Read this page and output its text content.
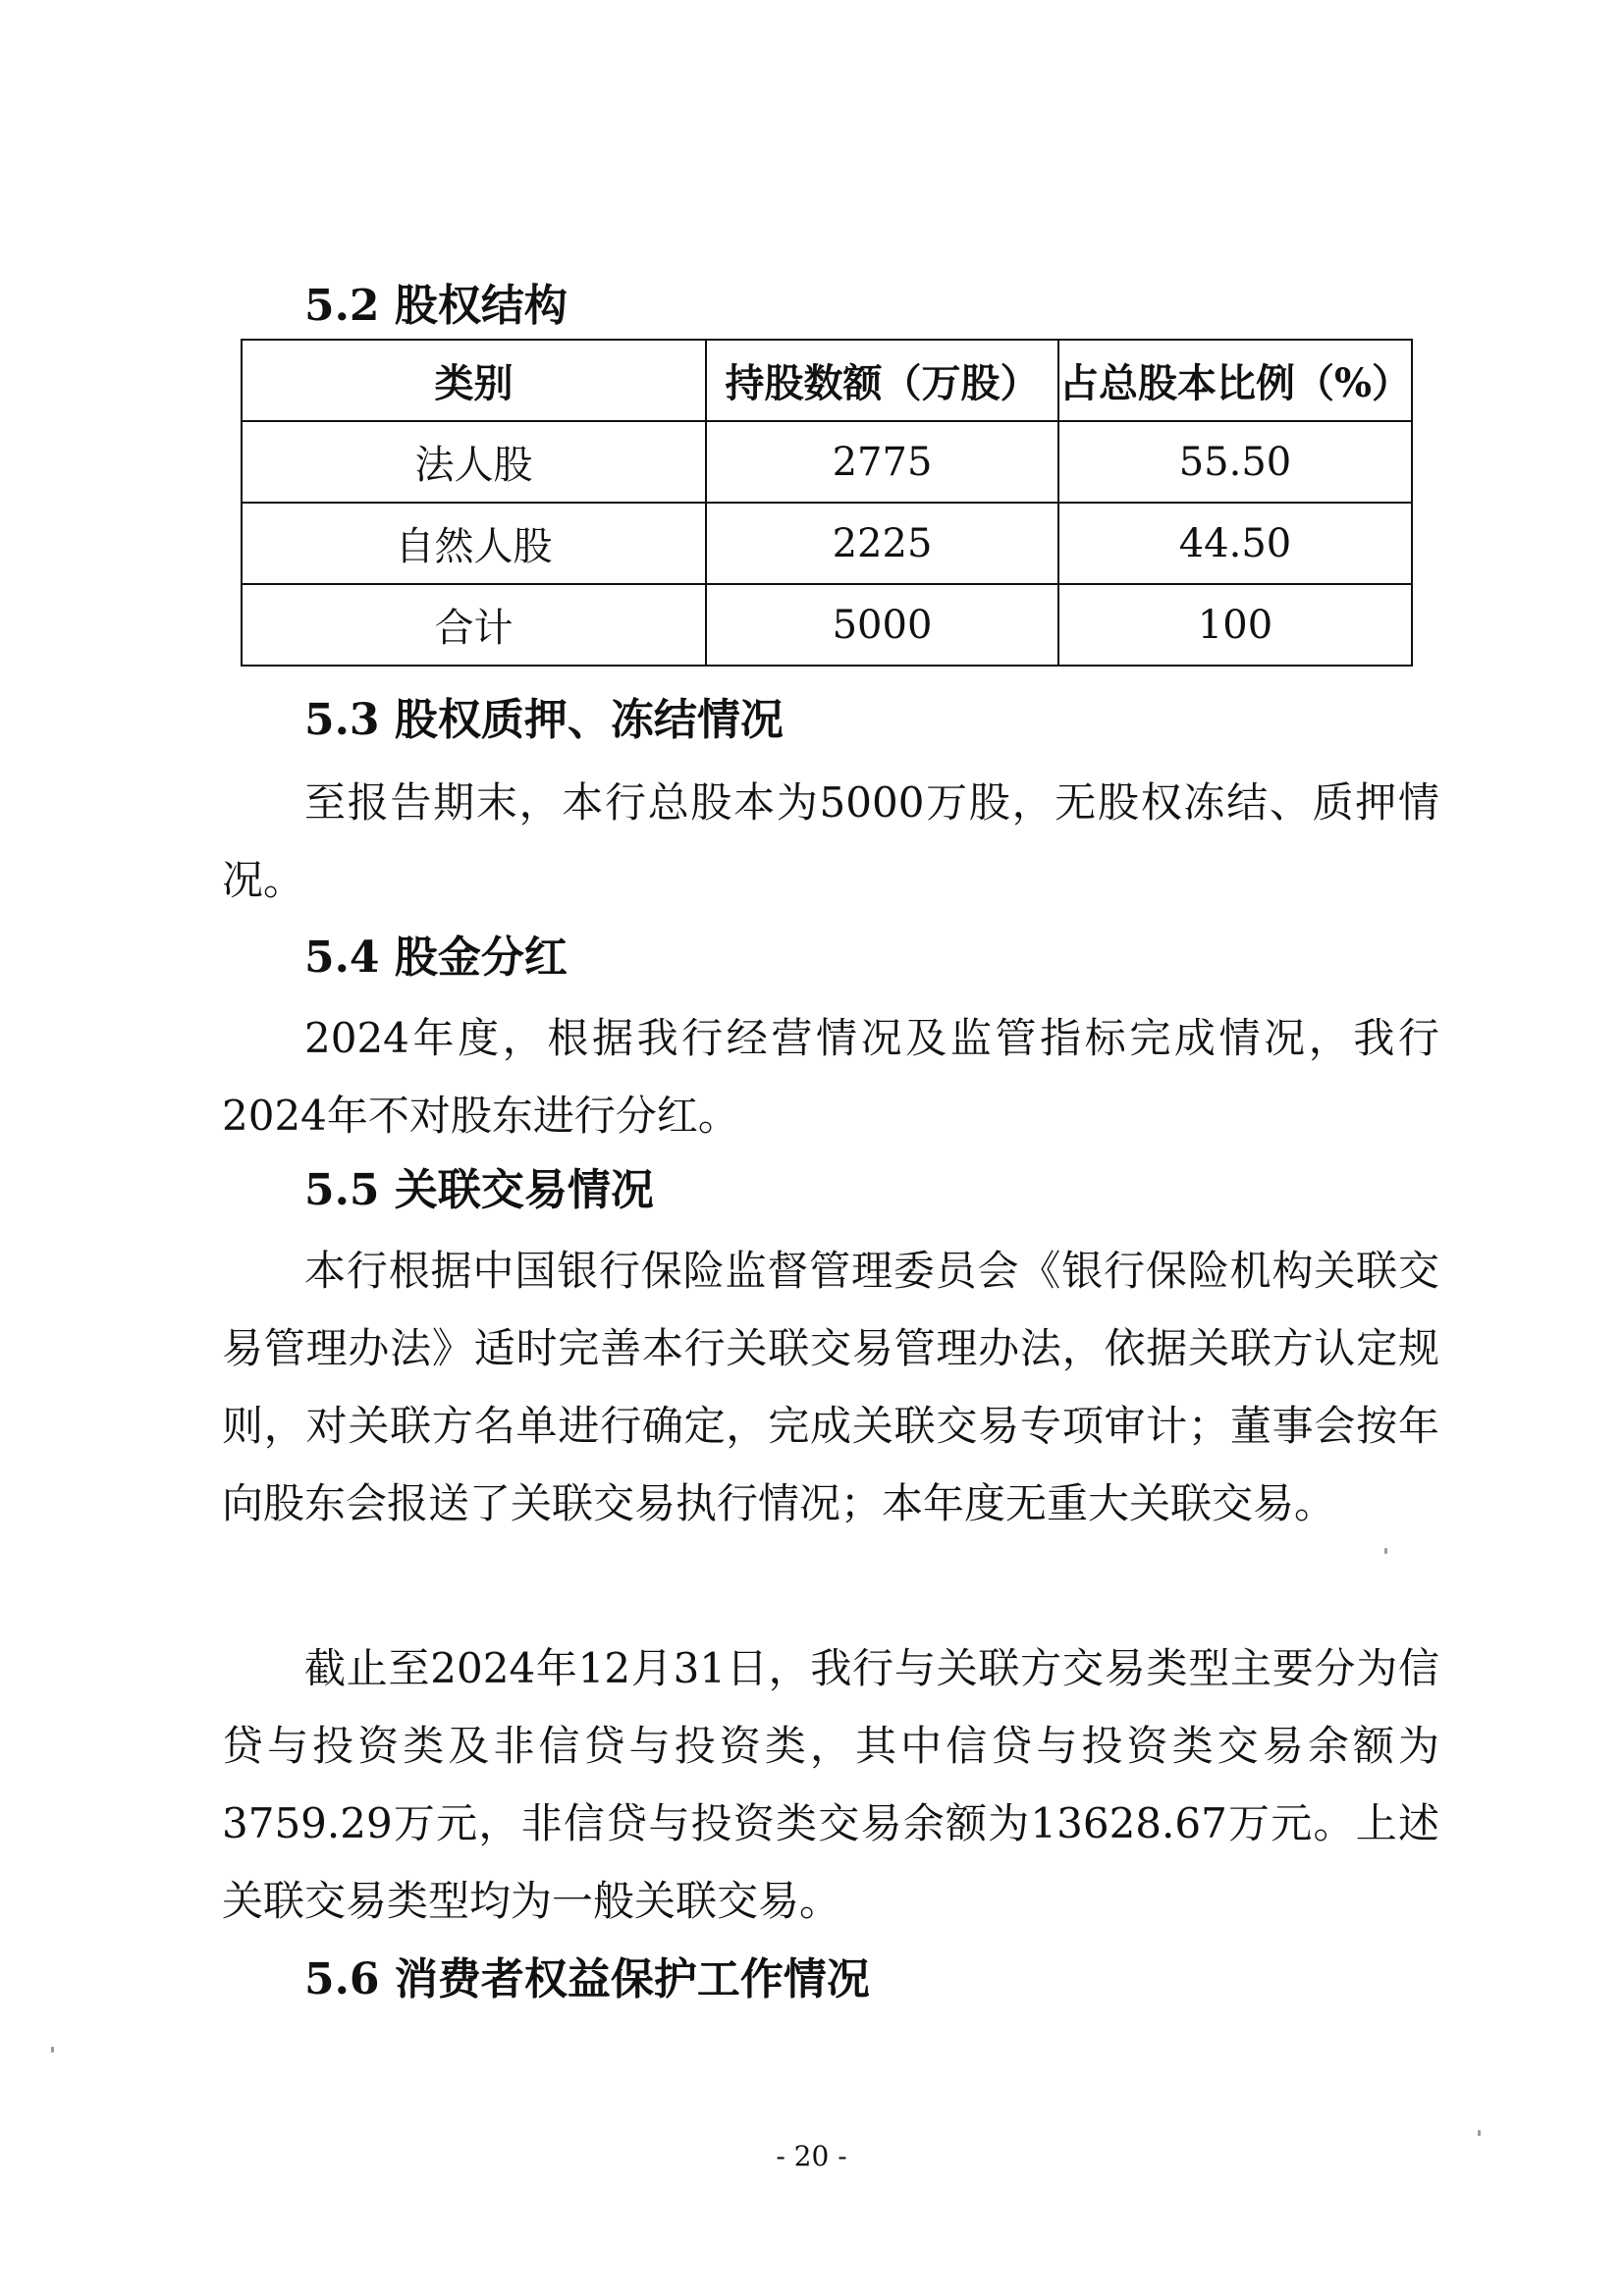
5.2 股权结构
类别	持股数额（万股）	占总股本比例（%）
法人股	2775	55.50
自然人股	2225	44.50
合计	5000	100
5.3 股权质押、冻结情况

至报告期末，本行总股本为5000万股，无股权冻结、质押情况。

5.4 股金分红

2024年度，根据我行经营情况及监管指标完成情况，我行2024年不对股东进行分红。

5.5 关联交易情况

本行根据中国银行保险监督管理委员会《银行保险机构关联交易管理办法》适时完善本行关联交易管理办法，依据关联方认定规则，对关联方名单进行确定，完成关联交易专项审计；董事会按年向股东会报送了关联交易执行情况；本年度无重大关联交易。

截止至2024年12月31日，我行与关联方交易类型主要分为信贷与投资类及非信贷与投资类，其中信贷与投资类交易余额为3759.29万元，非信贷与投资类交易余额为13628.67万元。上述关联交易类型均为一般关联交易。

5.6 消费者权益保护工作情况
- 20 -
